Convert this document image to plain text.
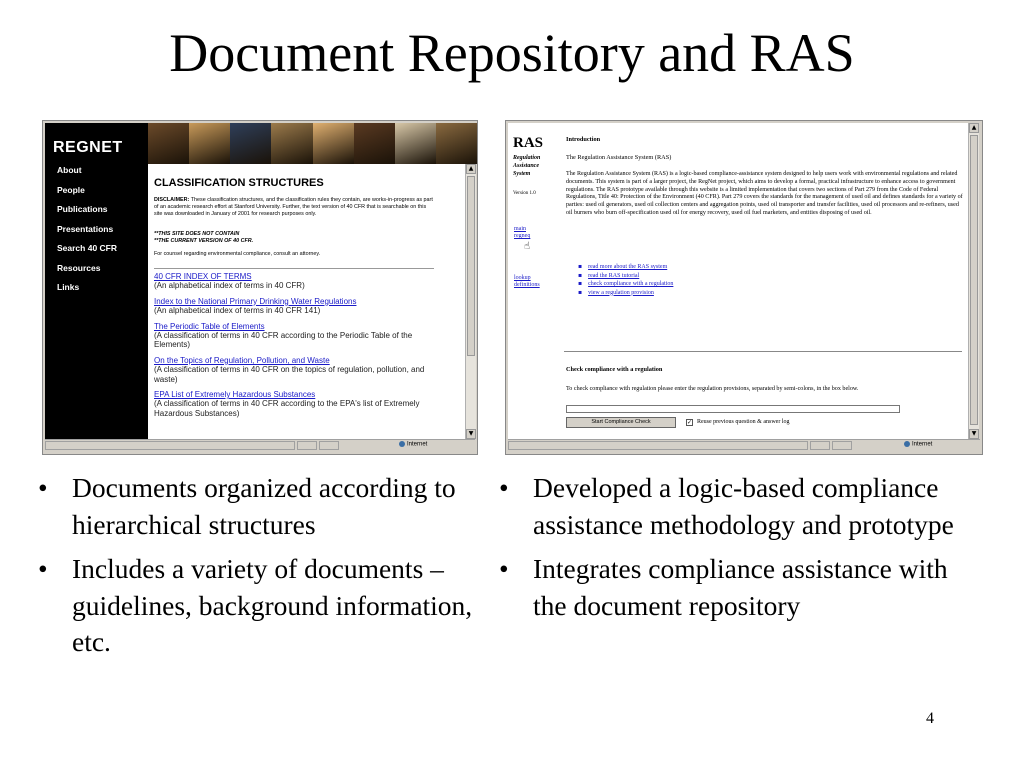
Document Repository and RAS
REGNET
About
People
Publications
Presentations
Search 40 CFR
Resources
Links
CLASSIFICATION STRUCTURES
DISCLAIMER: These classification structures, and the classification rules they contain, are works-in-progress as part of an academic research effort at Stanford University. Further, the text version of 40 CFR that is searchable on this site was downloaded in January of 2001 for research purposes only.
**THIS SITE DOES NOT CONTAIN
**THE CURRENT VERSION OF 40 CFR.
For counsel regarding environmental compliance, consult an attorney.
40 CFR INDEX OF TERMS
(An alphabetical index of terms in 40 CFR)
Index to the National Primary Drinking Water Regulations
(An alphabetical index of terms in 40 CFR 141)
The Periodic Table of Elements
(A classification of terms in 40 CFR according to the Periodic Table of the Elements)
On the Topics of Regulation, Pollution, and Waste
(A classification of terms in 40 CFR on the topics of regulation, pollution, and waste)
EPA List of Extremely Hazardous Substances
(A classification of terms in 40 CFR according to the EPA's list of Extremely Hazardous Substances)
▲
▼
Internet
RAS
Regulation
Assistance
System
Version 1.0
main
regneq
☝
lookup
definitions
Introduction
The Regulation Assistance System (RAS)
The Regulation Assistance System (RAS) is a logic-based compliance-assistance system designed to help users work with environmental regulations and related documents. This system is part of a larger project, the RegNet project, which aims to develop a formal, practical infrastructure to enhance access to government regulations. The RAS prototype available through this website is a limited implementation that covers two sections of Part 279 from the Code of Federal Regulations, Title 40: Protection of the Environment (40 CFR). Part 279 covers the standards for the management of used oil and defines standards for a variety of parties: used oil generators, used oil collection centers and aggregation points, used oil transporter and transfer facilities, used oil processors and re-refiners, used oil burners who burn off-specification used oil for energy recovery, used oil fuel marketers, and entities disposing of used oil.
▪ read more about the RAS system
▪ read the RAS tutorial
▪ check compliance with a regulation
▪ view a regulation provision
Check compliance with a regulation
To check compliance with regulation please enter the regulation provisions, separated by semi-colons, in the box below.
Start Compliance Check	✓ Reuse previous question & answer log
▲
▼
Internet
• Documents organized according to hierarchical structures
• Includes a variety of documents – guidelines, background information, etc.
• Developed a logic-based compliance assistance methodology and prototype
• Integrates compliance assistance with the document repository
4
